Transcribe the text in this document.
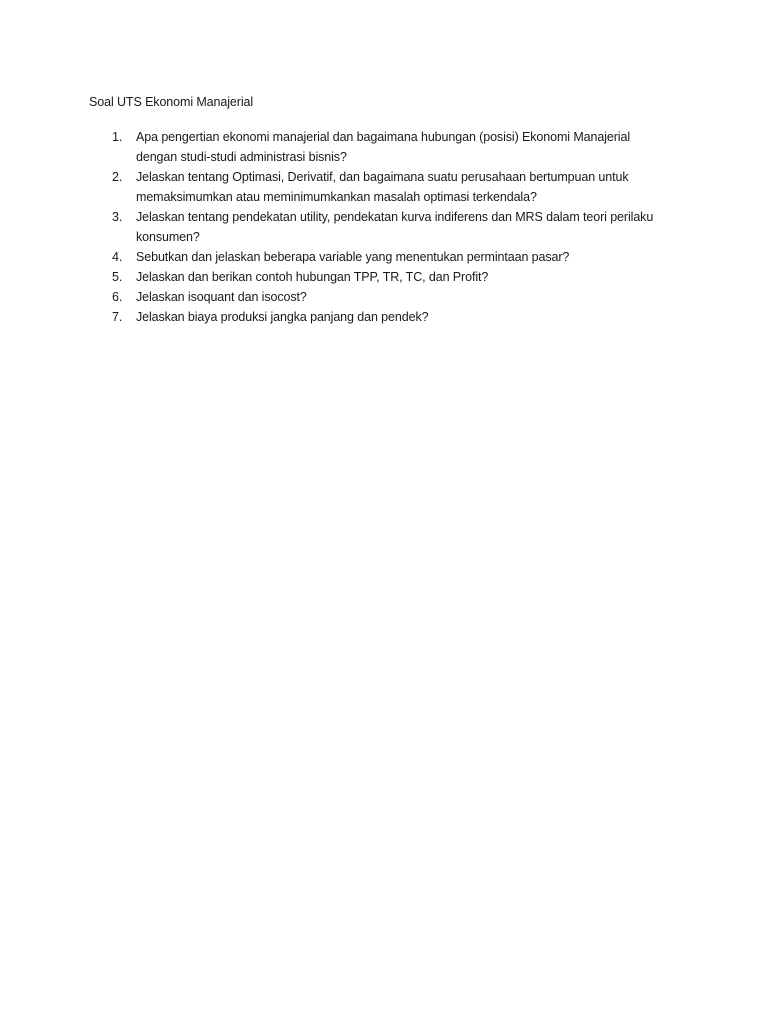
Soal UTS Ekonomi Manajerial
1.	Apa pengertian ekonomi manajerial dan bagaimana hubungan (posisi) Ekonomi Manajerial
dengan studi-studi administrasi bisnis?
2.	Jelaskan tentang Optimasi, Derivatif, dan bagaimana suatu perusahaan bertumpuan untuk
memaksimumkan atau meminimumkankan masalah optimasi terkendala?
3.	Jelaskan tentang pendekatan utility, pendekatan kurva indiferens dan MRS dalam teori perilaku
konsumen?
4.	Sebutkan dan jelaskan beberapa variable yang menentukan permintaan pasar?
5.	Jelaskan dan berikan contoh hubungan TPP, TR, TC, dan Profit?
6.	Jelaskan isoquant dan isocost?
7.	Jelaskan biaya produksi jangka panjang dan pendek?
